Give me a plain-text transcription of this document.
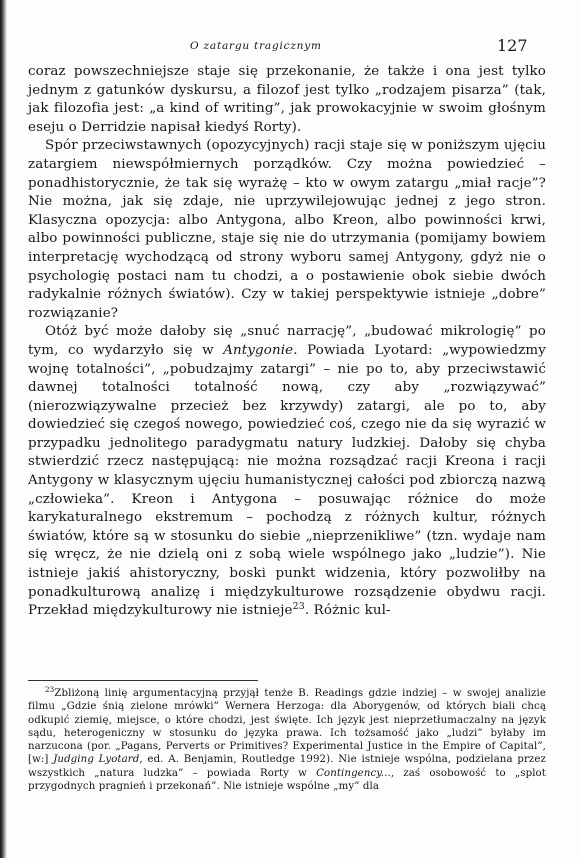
O zatargu tragicznym	127

coraz powszechniejsze staje się przekonanie, że także i ona jest tylko jednym z gatunków dyskursu, a filozof jest tylko „rodzajem pisarza” (tak, jak filozofia jest: „a kind of writing”, jak prowokacyjnie w swoim głośnym eseju o Derridzie napisał kiedyś Rorty).

Spór przeciwstawnych (opozycyjnych) racji staje się w poniższym ujęciu zatargiem niewspółmiernych porządków. Czy można powiedzieć – ponadhistorycznie, że tak się wyrażę – kto w owym zatargu „miał racje”? Nie można, jak się zdaje, nie uprzywilejowując jednej z jego stron. Klasyczna opozycja: albo Antygona, albo Kreon, albo powinności krwi, albo powinności publiczne, staje się nie do utrzymania (pomijamy bowiem interpretację wychodzącą od strony wyboru samej Antygony, gdyż nie o psychologię postaci nam tu chodzi, a o postawienie obok siebie dwóch radykalnie różnych światów). Czy w takiej perspektywie istnieje „dobre” rozwiązanie?

Otóż być może dałoby się „snuć narrację”, „budować mikrologię” po tym, co wydarzyło się w Antygonie. Powiada Lyotard: „wypowiedzmy wojnę totalności”, „pobudzajmy zatargi” – nie po to, aby przeciwstawić dawnej totalności totalność nową, czy aby „rozwiązywać” (nierozwiązywalne przecież bez krzywdy) zatargi, ale po to, aby dowiedzieć się czegoś nowego, powiedzieć coś, czego nie da się wyrazić w przypadku jednolitego paradygmatu natury ludzkiej. Dałoby się chyba stwierdzić rzecz następującą: nie można rozsądzać racji Kreona i racji Antygony w klasycznym ujęciu humanistycznej całości pod zbiorczą nazwą „człowieka”. Kreon i Antygona – posuwając różnice do może karykaturalnego ekstremum – pochodzą z różnych kultur, różnych światów, które są w stosunku do siebie „nieprzenikliwe” (tzn. wydaje nam się wręcz, że nie dzielą oni z sobą wiele wspólnego jako „ludzie”). Nie istnieje jakiś ahistoryczny, boski punkt widzenia, który pozwoliłby na ponadkulturową analizę i międzykulturowe rozsądzenie obydwu racji. Przekład międzykulturowy nie istnieje$^{23}$. Różnic kul-

$^{23}$Zbliżoną linię argumentacyjną przyjął tenże B. Readings gdzie indziej – w swojej analizie filmu „Gdzie śnią zielone mrówki” Wernera Herzoga: dla Aborygenów, od których biali chcą odkupić ziemię, miejsce, o które chodzi, jest święte. Ich język jest nieprzetłumaczalny na język sądu, heterogeniczny w stosunku do języka prawa. Ich tożsamość jako „ludzi” byłaby im narzucona (por. „Pagans, Perverts or Primitives? Experimental Justice in the Empire of Capital”, [w:] Judging Lyotard, ed. A. Benjamin, Routledge 1992). Nie istnieje wspólna, podzielana przez wszystkich „natura ludzka” – powiada Rorty w Contingency..., zaś osobowość to „splot przygodnych pragnień i przekonań”. Nie istnieje wspólne „my” dla
